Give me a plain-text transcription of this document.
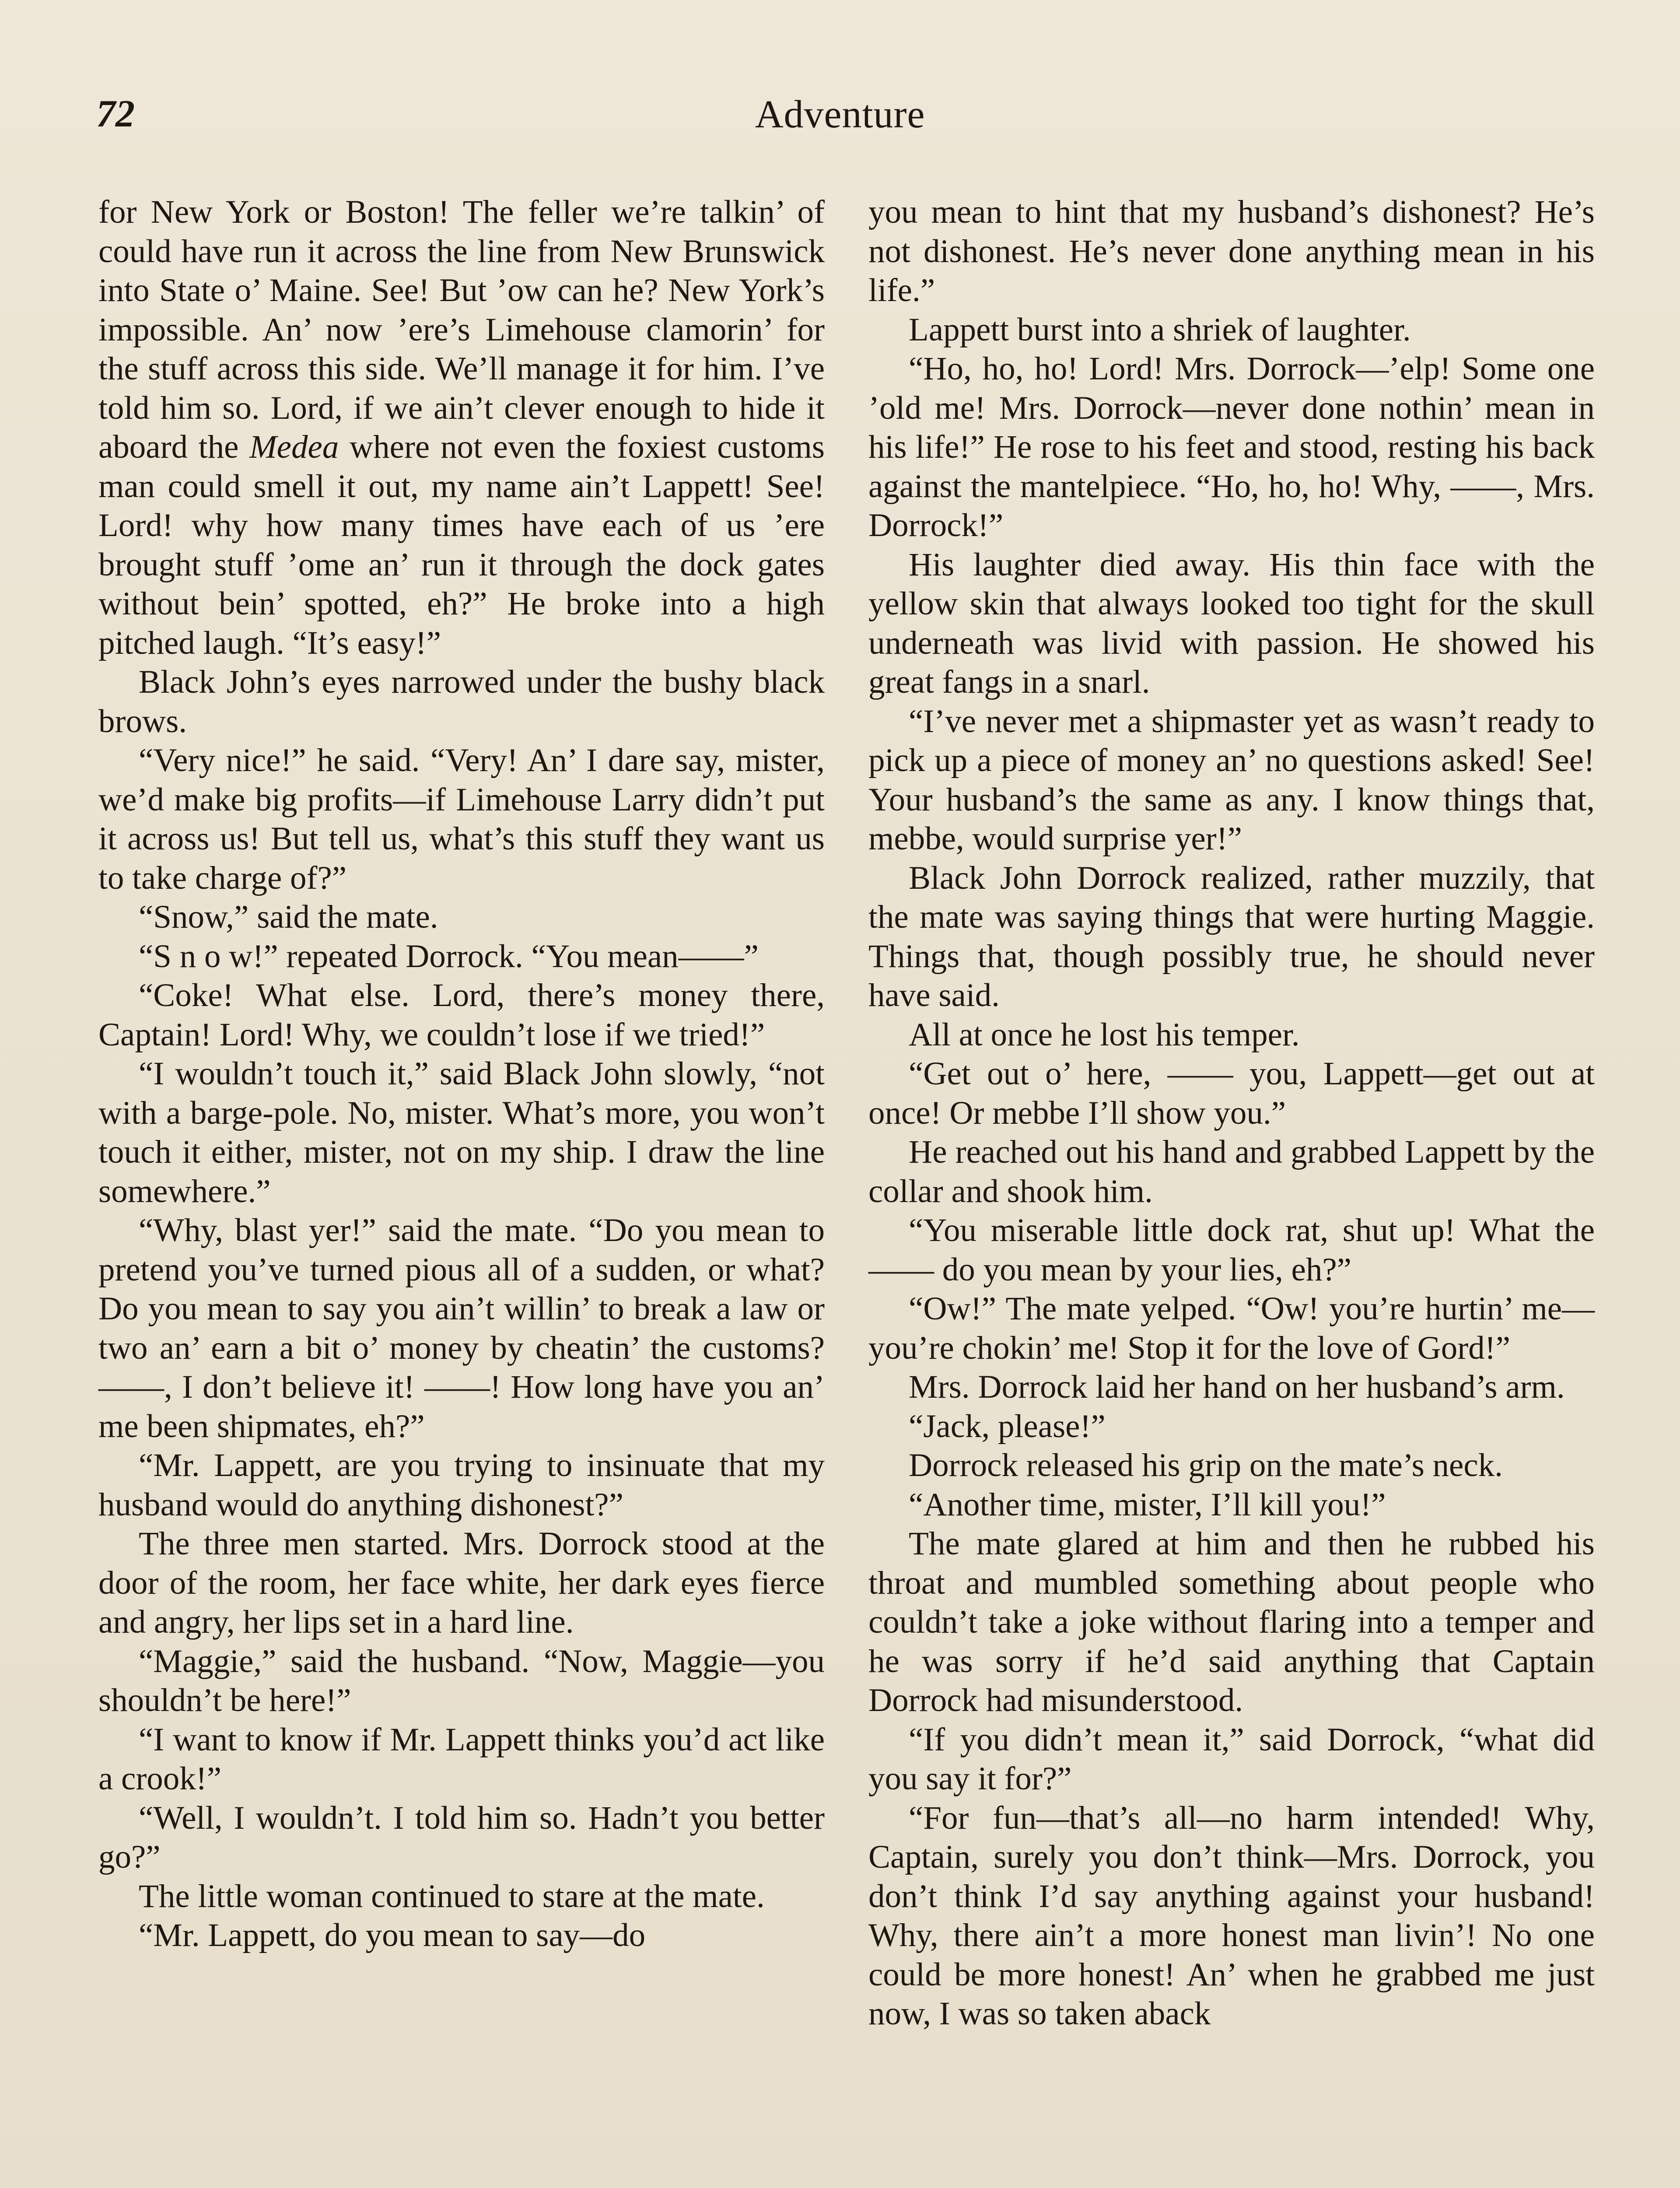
72	Adventure

for New York or Boston! The feller we’re talkin’ of could have run it across the line from New Brunswick into State o’ Maine. See! But ’ow can he? New York’s impossible. An’ now ’ere’s Limehouse clamorin’ for the stuff across this side. We’ll manage it for him. I’ve told him so. Lord, if we ain’t clever enough to hide it aboard the Medea where not even the foxiest customs man could smell it out, my name ain’t Lappett! See! Lord! why how many times have each of us ’ere brought stuff ’ome an’ run it through the dock gates without bein’ spotted, eh?” He broke into a high pitched laugh. “It’s easy!”

Black John’s eyes narrowed under the bushy black brows.

“Very nice!” he said. “Very! An’ I dare say, mister, we’d make big profits—if Limehouse Larry didn’t put it across us! But tell us, what’s this stuff they want us to take charge of?”

“Snow,” said the mate.

“S n o w!” repeated Dorrock. “You mean——”

“Coke! What else. Lord, there’s money there, Captain! Lord! Why, we couldn’t lose if we tried!”

“I wouldn’t touch it,” said Black John slowly, “not with a barge-pole. No, mister. What’s more, you won’t touch it either, mister, not on my ship. I draw the line somewhere.”

“Why, blast yer!” said the mate. “Do you mean to pretend you’ve turned pious all of a sudden, or what? Do you mean to say you ain’t willin’ to break a law or two an’ earn a bit o’ money by cheatin’ the customs? ——, I don’t believe it! ——! How long have you an’ me been shipmates, eh?”

“Mr. Lappett, are you trying to insinuate that my husband would do anything dishonest?”

The three men started. Mrs. Dorrock stood at the door of the room, her face white, her dark eyes fierce and angry, her lips set in a hard line.

“Maggie,” said the husband. “Now, Maggie—you shouldn’t be here!”

“I want to know if Mr. Lappett thinks you’d act like a crook!”

“Well, I wouldn’t. I told him so. Hadn’t you better go?”

The little woman continued to stare at the mate.

“Mr. Lappett, do you mean to say—do

you mean to hint that my husband’s dishonest? He’s not dishonest. He’s never done anything mean in his life.”

Lappett burst into a shriek of laughter.

“Ho, ho, ho! Lord! Mrs. Dorrock—’elp! Some one ’old me! Mrs. Dorrock—never done nothin’ mean in his life!” He rose to his feet and stood, resting his back against the mantelpiece. “Ho, ho, ho! Why, ——, Mrs. Dorrock!”

His laughter died away. His thin face with the yellow skin that always looked too tight for the skull underneath was livid with passion. He showed his great fangs in a snarl.

“I’ve never met a shipmaster yet as wasn’t ready to pick up a piece of money an’ no questions asked! See! Your husband’s the same as any. I know things that, mebbe, would surprise yer!”

Black John Dorrock realized, rather muzzily, that the mate was saying things that were hurting Maggie. Things that, though possibly true, he should never have said.

All at once he lost his temper.

“Get out o’ here, —— you, Lappett—get out at once! Or mebbe I’ll show you.”

He reached out his hand and grabbed Lappett by the collar and shook him.

“You miserable little dock rat, shut up! What the —— do you mean by your lies, eh?”

“Ow!” The mate yelped. “Ow! you’re hurtin’ me—you’re chokin’ me! Stop it for the love of Gord!”

Mrs. Dorrock laid her hand on her husband’s arm.

“Jack, please!”

Dorrock released his grip on the mate’s neck.

“Another time, mister, I’ll kill you!”

The mate glared at him and then he rubbed his throat and mumbled something about people who couldn’t take a joke without flaring into a temper and he was sorry if he’d said anything that Captain Dorrock had misunderstood.

“If you didn’t mean it,” said Dorrock, “what did you say it for?”

“For fun—that’s all—no harm intended! Why, Captain, surely you don’t think—Mrs. Dorrock, you don’t think I’d say anything against your husband! Why, there ain’t a more honest man livin’! No one could be more honest! An’ when he grabbed me just now, I was so taken aback
